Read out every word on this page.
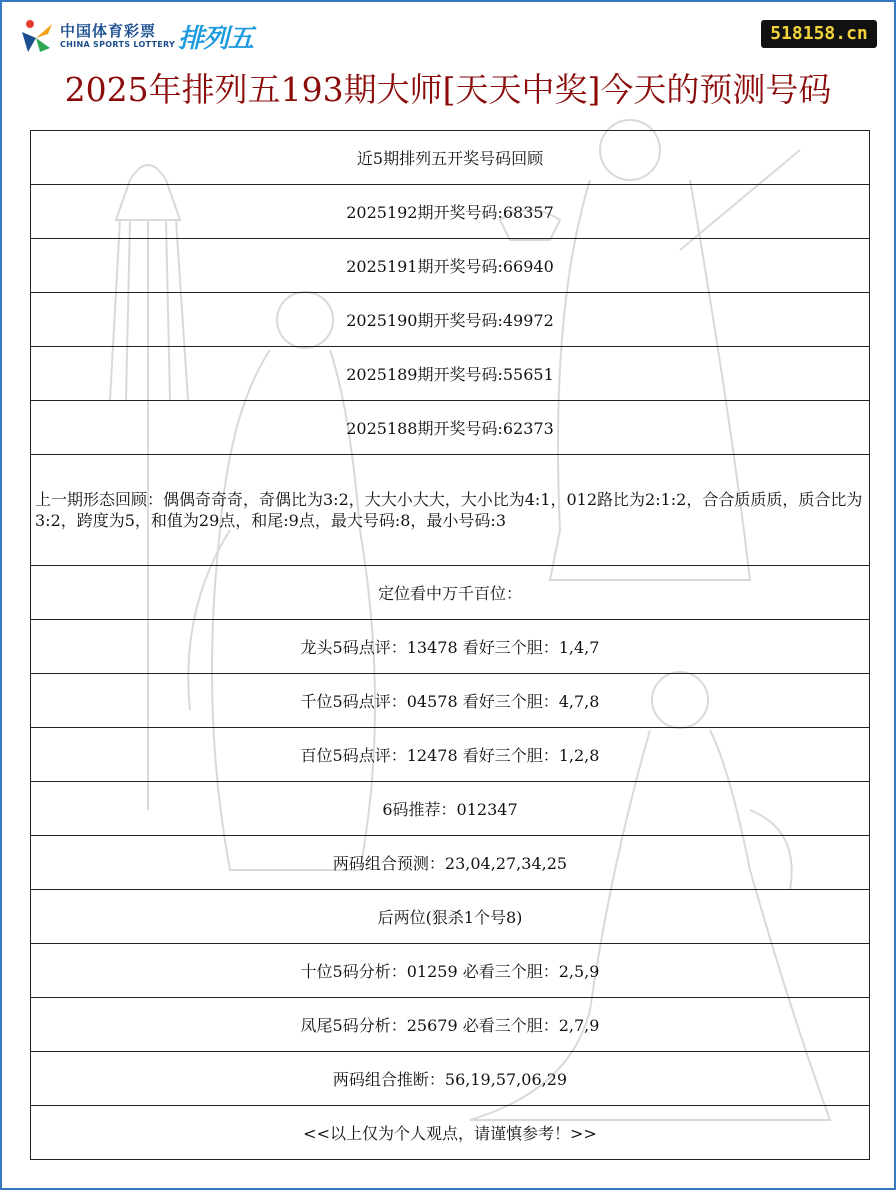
中国体育彩票
CHINA SPORTS LOTTERY 排列五	518158.cn
2025年排列五193期大师[天天中奖]今天的预测号码
近5期排列五开奖号码回顾
2025192期开奖号码:68357
2025191期开奖号码:66940
2025190期开奖号码:49972
2025189期开奖号码:55651
2025188期开奖号码:62373
上一期形态回顾：偶偶奇奇奇，奇偶比为3:2，大大小大大，大小比为4:1，012路比为2:1:2，合合质质质，质合比为3:2，跨度为5，和值为29点，和尾:9点，最大号码:8，最小号码:3
定位看中万千百位：
龙头5码点评：13478 看好三个胆：1,4,7
千位5码点评：04578 看好三个胆：4,7,8
百位5码点评：12478 看好三个胆：1,2,8
6码推荐：012347
两码组合预测：23,04,27,34,25
后两位(狠杀1个号8)
十位5码分析：01259 必看三个胆：2,5,9
凤尾5码分析：25679 必看三个胆：2,7,9
两码组合推断：56,19,57,06,29
<<以上仅为个人观点，请谨慎参考！>>
